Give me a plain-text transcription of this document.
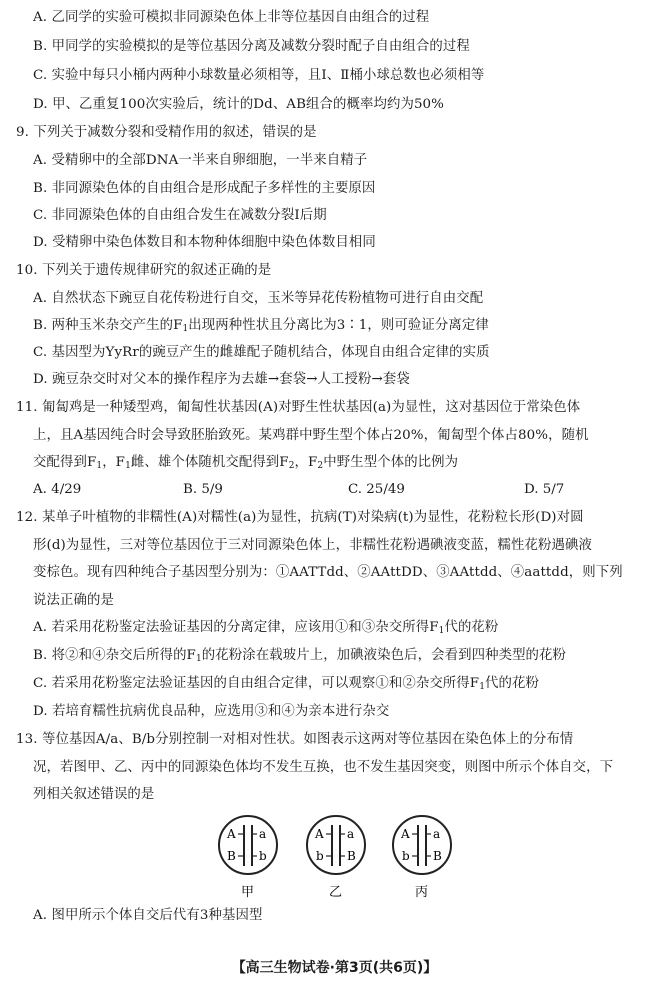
A. 乙同学的实验可模拟非同源染色体上非等位基因自由组合的过程
B. 甲同学的实验模拟的是等位基因分离及减数分裂时配子自由组合的过程
C. 实验中每只小桶内两种小球数量必须相等，且Ⅰ、Ⅱ桶小球总数也必须相等
D. 甲、乙重复100次实验后，统计的Dd、AB组合的概率均约为50%
9. 下列关于减数分裂和受精作用的叙述，错误的是
A. 受精卵中的全部DNA一半来自卵细胞，一半来自精子
B. 非同源染色体的自由组合是形成配子多样性的主要原因
C. 非同源染色体的自由组合发生在减数分裂Ⅰ后期
D. 受精卵中染色体数目和本物种体细胞中染色体数目相同
10. 下列关于遗传规律研究的叙述正确的是
A. 自然状态下豌豆自花传粉进行自交，玉米等异花传粉植物可进行自由交配
B. 两种玉米杂交产生的$F_1$出现两种性状且分离比为3∶1，则可验证分离定律
C. 基因型为YyRr的豌豆产生的雌雄配子随机结合，体现自由组合定律的实质
D. 豌豆杂交时对父本的操作程序为去雄→套袋→人工授粉→套袋
11. 匍匐鸡是一种矮型鸡，匍匐性状基因(A)对野生性状基因(a)为显性，这对基因位于常染色体
上，且A基因纯合时会导致胚胎致死。某鸡群中野生型个体占20%，匍匐型个体占80%，随机
交配得到$F_1$，$F_1$雌、雄个体随机交配得到$F_2$，$F_2$中野生型个体的比例为
A. 4/29	B. 5/9	C. 25/49	D. 5/7
12. 某单子叶植物的非糯性(A)对糯性(a)为显性，抗病(T)对染病(t)为显性，花粉粒长形(D)对圆
形(d)为显性，三对等位基因位于三对同源染色体上，非糯性花粉遇碘液变蓝，糯性花粉遇碘液
变棕色。现有四种纯合子基因型分别为：①AATTdd、②AAttDD、③AAttdd、④aattdd，则下列
说法正确的是
A. 若采用花粉鉴定法验证基因的分离定律，应该用①和③杂交所得$F_1$代的花粉
B. 将②和④杂交后所得的$F_1$的花粉涂在载玻片上，加碘液染色后，会看到四种类型的花粉
C. 若采用花粉鉴定法验证基因的自由组合定律，可以观察①和②杂交所得$F_1$代的花粉
D. 若培育糯性抗病优良品种，应选用③和④为亲本进行杂交
13. 等位基因A/a、B/b分别控制一对相对性状。如图表示这两对等位基因在染色体上的分布情
况，若图甲、乙、丙中的同源染色体均不发生互换，也不发生基因突变，则图中所示个体自交，下
列相关叙述错误的是
A a
B b
A a
b B
A a
b B
甲	乙	丙
A. 图甲所示个体自交后代有3种基因型
【高三生物试卷·第3页(共6页)】
